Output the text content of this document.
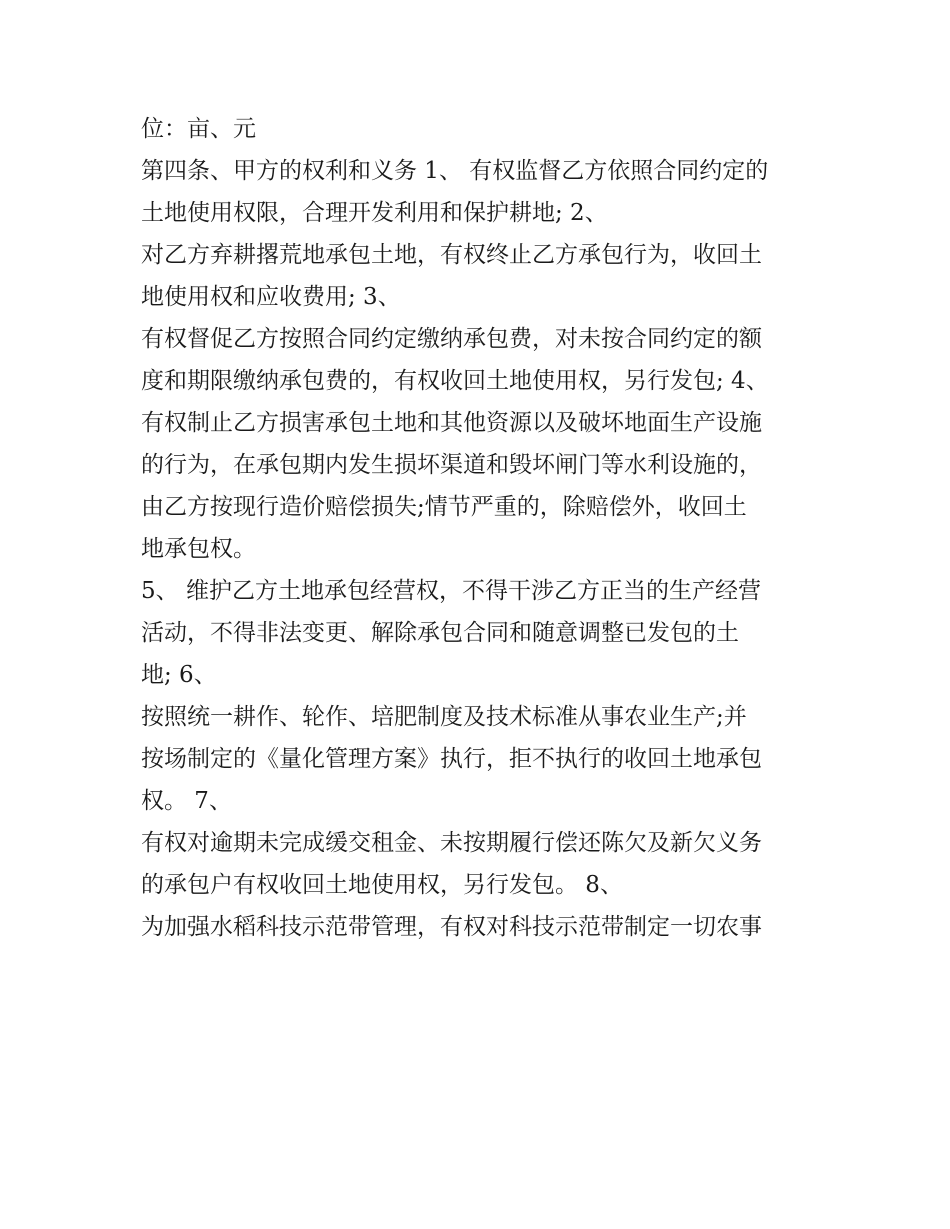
位：亩、元

第四条、甲方的权利和义务 1、 有权监督乙方依照合同约定的

土地使用权限，合理开发利用和保护耕地; 2、

对乙方弃耕撂荒地承包土地，有权终止乙方承包行为，收回土

地使用权和应收费用; 3、

有权督促乙方按照合同约定缴纳承包费，对未按合同约定的额

度和期限缴纳承包费的，有权收回土地使用权，另行发包; 4、

有权制止乙方损害承包土地和其他资源以及破坏地面生产设施

的行为，在承包期内发生损坏渠道和毁坏闸门等水利设施的，

由乙方按现行造价赔偿损失;情节严重的，除赔偿外，收回土

地承包权。

5、 维护乙方土地承包经营权，不得干涉乙方正当的生产经营

活动，不得非法变更、解除承包合同和随意调整已发包的土

地; 6、

按照统一耕作、轮作、培肥制度及技术标准从事农业生产;并

按场制定的《量化管理方案》执行，拒不执行的收回土地承包

权。 7、

有权对逾期未完成缓交租金、未按期履行偿还陈欠及新欠义务

的承包户有权收回土地使用权，另行发包。 8、

为加强水稻科技示范带管理，有权对科技示范带制定一切农事
